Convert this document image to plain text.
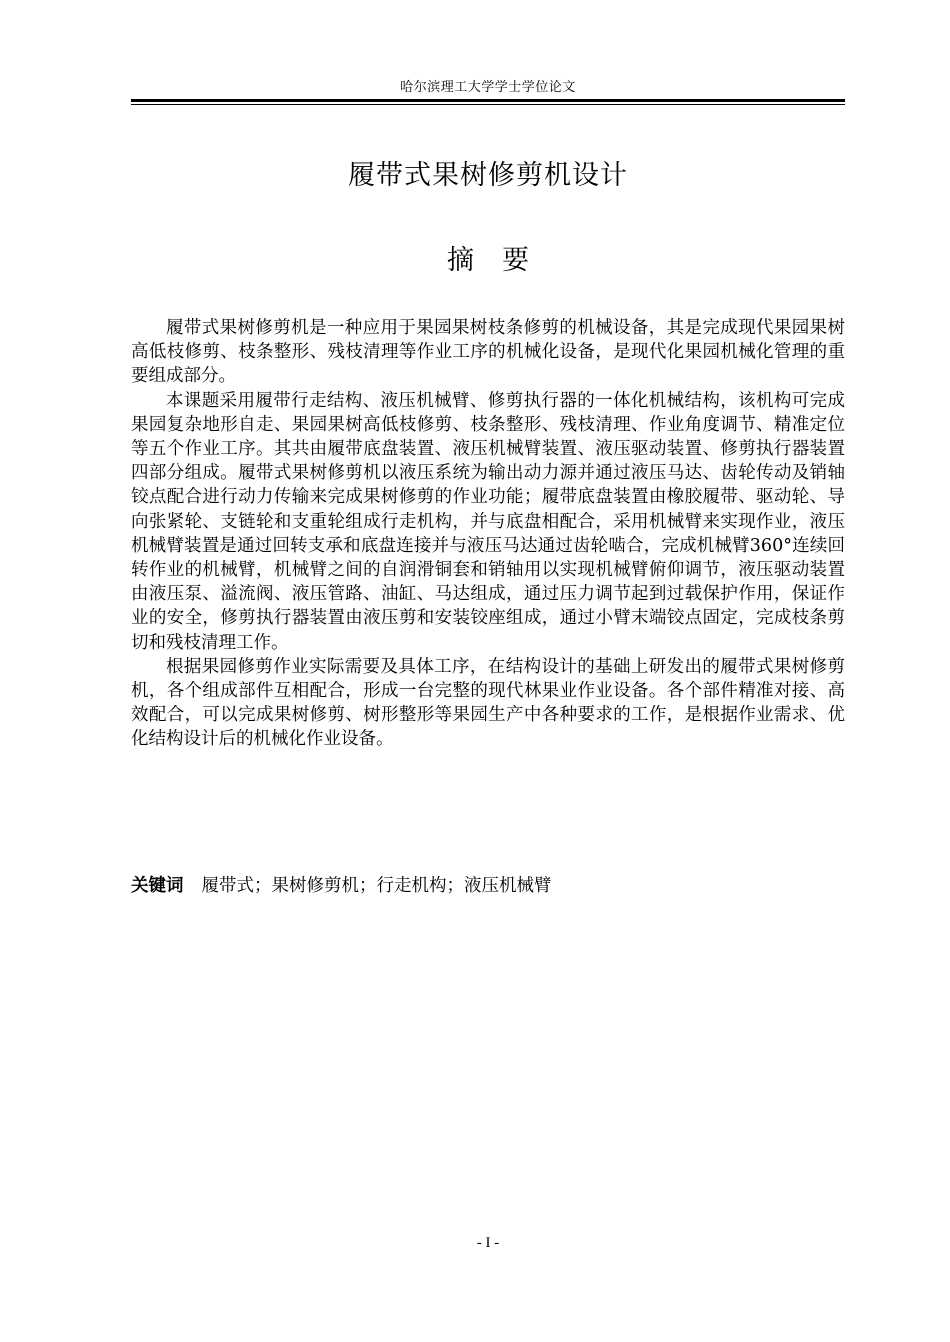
哈尔滨理工大学学士学位论文
履带式果树修剪机设计
摘要

履带式果树修剪机是一种应用于果园果树枝条修剪的机械设备，其是完成现代果园果树高低枝修剪、枝条整形、残枝清理等作业工序的机械化设备，是现代化果园机械化管理的重要组成部分。

本课题采用履带行走结构、液压机械臂、修剪执行器的一体化机械结构，该机构可完成果园复杂地形自走、果园果树高低枝修剪、枝条整形、残枝清理、作业角度调节、精准定位等五个作业工序。其共由履带底盘装置、液压机械臂装置、液压驱动装置、修剪执行器装置四部分组成。履带式果树修剪机以液压系统为输出动力源并通过液压马达、齿轮传动及销轴铰点配合进行动力传输来完成果树修剪的作业功能；履带底盘装置由橡胶履带、驱动轮、导向张紧轮、支链轮和支重轮组成行走机构，并与底盘相配合，采用机械臂来实现作业，液压机械臂装置是通过回转支承和底盘连接并与液压马达通过齿轮啮合，完成机械臂360°连续回转作业的机械臂，机械臂之间的自润滑铜套和销轴用以实现机械臂俯仰调节，液压驱动装置由液压泵、溢流阀、液压管路、油缸、马达组成，通过压力调节起到过载保护作用，保证作业的安全，修剪执行器装置由液压剪和安装铰座组成，通过小臂末端铰点固定，完成枝条剪切和残枝清理工作。

根据果园修剪作业实际需要及具体工序，在结构设计的基础上研发出的履带式果树修剪机，各个组成部件互相配合，形成一台完整的现代林果业作业设备。各个部件精准对接、高效配合，可以完成果树修剪、树形整形等果园生产中各种要求的工作，是根据作业需求、优化结构设计后的机械化作业设备。

关键词 履带式；果树修剪机；行走机构；液压机械臂
- I -
